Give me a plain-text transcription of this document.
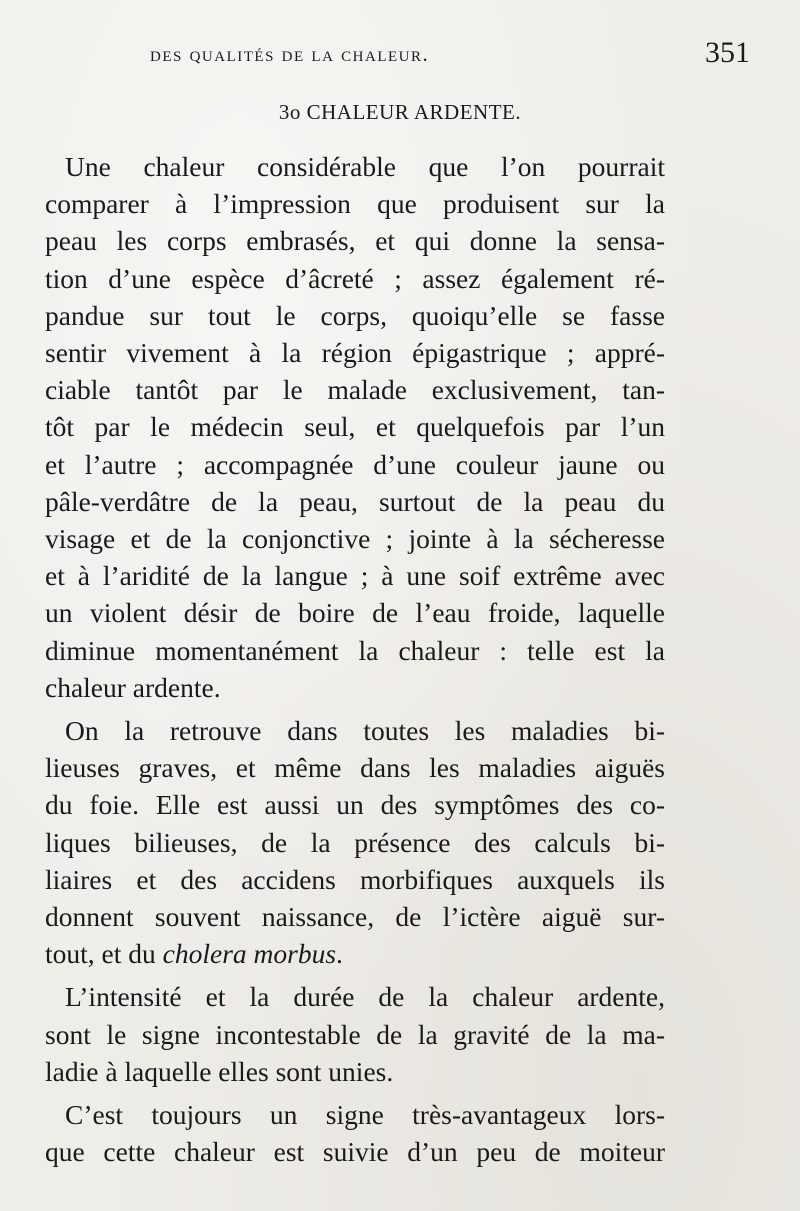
des qualités de la chaleur.	351
3o CHALEUR ARDENTE.

Une chaleur considérable que l’on pourrait
comparer à l’impression que produisent sur la
peau les corps embrasés, et qui donne la sensa-
tion d’une espèce d’âcreté ; assez également ré-
pandue sur tout le corps, quoiqu’elle se fasse
sentir vivement à la région épigastrique ; appré-
ciable tantôt par le malade exclusivement, tan-
tôt par le médecin seul, et quelquefois par l’un
et l’autre ; accompagnée d’une couleur jaune ou
pâle-verdâtre de la peau, surtout de la peau du
visage et de la conjonctive ; jointe à la sécheresse
et à l’aridité de la langue ; à une soif extrême avec
un violent désir de boire de l’eau froide, laquelle
diminue momentanément la chaleur : telle est la
chaleur ardente.

On la retrouve dans toutes les maladies bi-
lieuses graves, et même dans les maladies aiguës
du foie. Elle est aussi un des symptômes des co-
liques bilieuses, de la présence des calculs bi-
liaires et des accidens morbifiques auxquels ils
donnent souvent naissance, de l’ictère aiguë sur-
tout, et du cholera morbus.

L’intensité et la durée de la chaleur ardente,
sont le signe incontestable de la gravité de la ma-
ladie à laquelle elles sont unies.

C’est toujours un signe très-avantageux lors-
que cette chaleur est suivie d’un peu de moiteur
